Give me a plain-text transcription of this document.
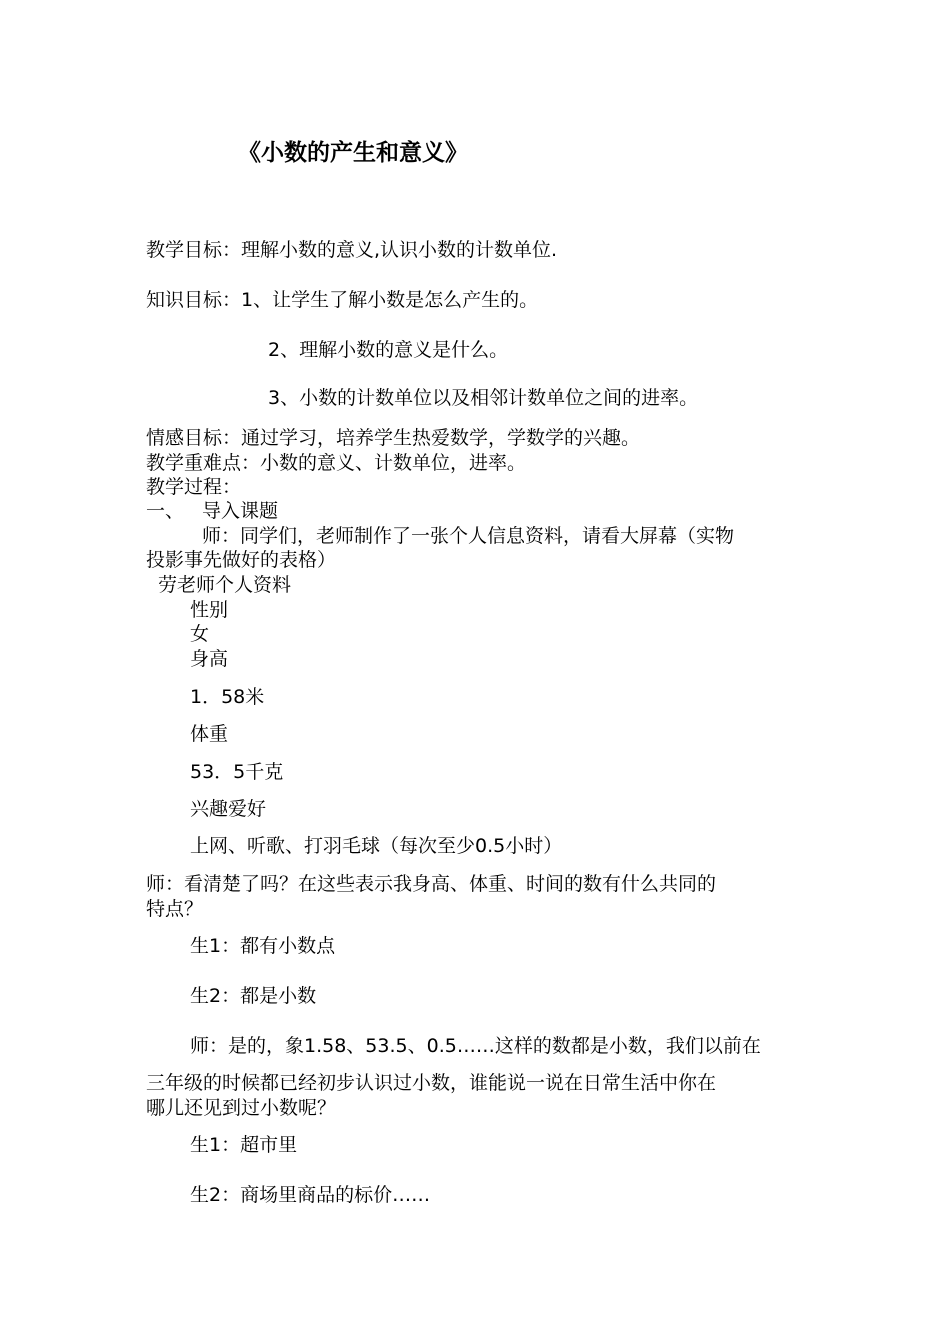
《小数的产生和意义》
教学目标：理解小数的意义,认识小数的计数单位.
知识目标：1、让学生了解小数是怎么产生的。
2、理解小数的意义是什么。
3、小数的计数单位以及相邻计数单位之间的进率。
情感目标：通过学习，培养学生热爱数学，学数学的兴趣。
教学重难点：小数的意义、计数单位，进率。
教学过程：
一、 导入课题
师：同学们，老师制作了一张个人信息资料，请看大屏幕（实物
投影事先做好的表格）
劳老师个人资料
性别
女
身高
1．58米
体重
53．5千克
兴趣爱好
上网、听歌、打羽毛球（每次至少0.5小时）
师：看清楚了吗？在这些表示我身高、体重、时间的数有什么共同的
特点？
生1：都有小数点
生2：都是小数
师：是的，象1.58、53.5、0.5……这样的数都是小数，我们以前在
三年级的时候都已经初步认识过小数，谁能说一说在日常生活中你在
哪儿还见到过小数呢？
生1：超市里
生2：商场里商品的标价……
